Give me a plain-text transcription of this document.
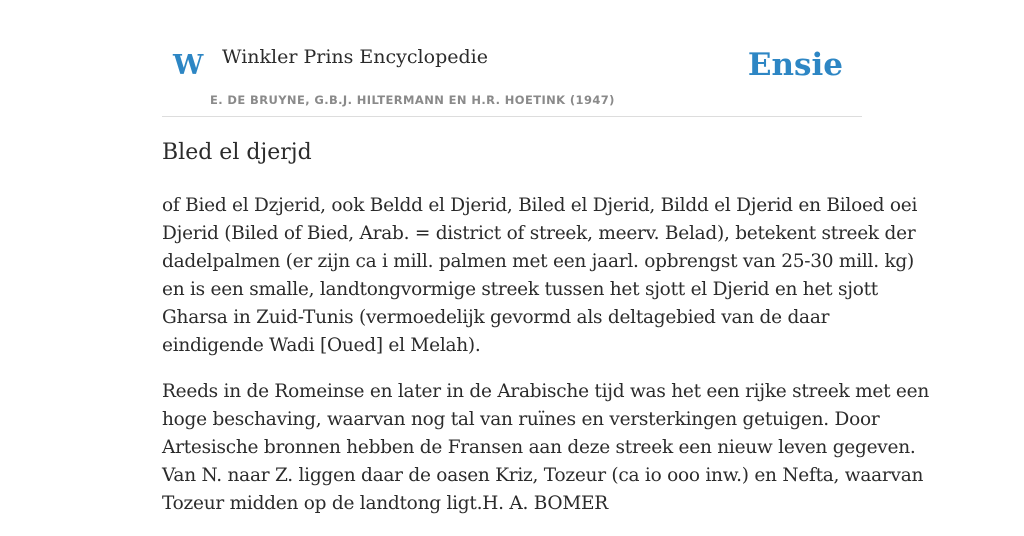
W Winkler Prins Encyclopedie
E. DE BRUYNE, G.B.J. HILTERMANN EN H.R. HOETINK (1947)
Ensie
Bled el djerjd

of Bied el Dzjerid, ook Beldd el Djerid, Biled el Djerid, Bildd el Djerid en Biloed oei
Djerid (Biled of Bied, Arab. = district of streek, meerv. Belad), betekent streek der
dadelpalmen (er zijn ca i mill. palmen met een jaarl. opbrengst van 25-30 mill. kg)
en is een smalle, landtongvormige streek tussen het sjott el Djerid en het sjott
Gharsa in Zuid-Tunis (vermoedelijk gevormd als deltagebied van de daar
eindigende Wadi [Oued] el Melah).

Reeds in de Romeinse en later in de Arabische tijd was het een rijke streek met een
hoge beschaving, waarvan nog tal van ruïnes en versterkingen getuigen. Door
Artesische bronnen hebben de Fransen aan deze streek een nieuw leven gegeven.
Van N. naar Z. liggen daar de oasen Kriz, Tozeur (ca io ooo inw.) en Nefta, waarvan
Tozeur midden op de landtong ligt.H. A. BOMER
